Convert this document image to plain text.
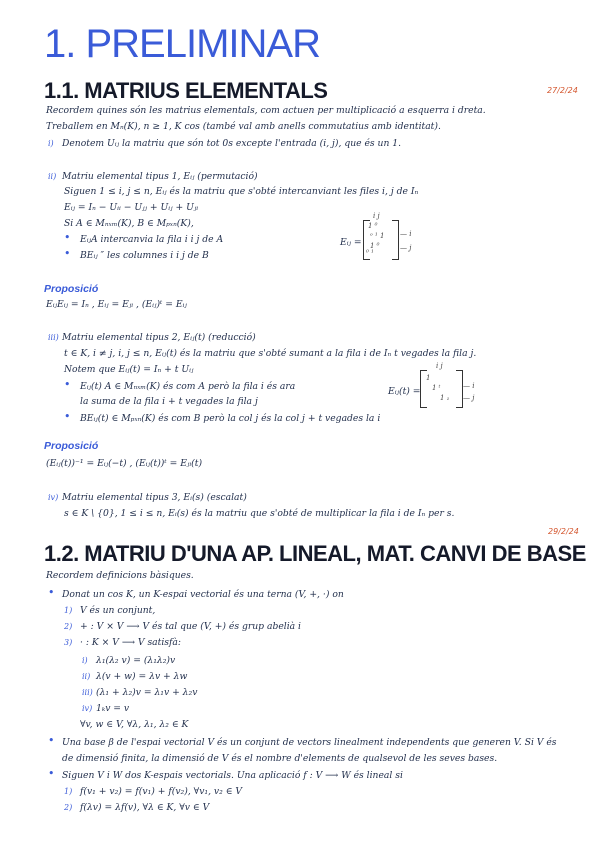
1. PRELIMINAR
1.1. MATRIUS ELEMENTALS	27/2/24
Recordem quines són les matrius elementals, com actuen per multiplicació a esquerra i dreta.
Treballem en Mₙ(K), n ≥ 1, K cos (també val amb anells commutatius amb identitat).
i) Denotem Uᵢⱼ la matriu que són tot 0s excepte l'entrada (i, j), que és un 1.
ii) Matriu elemental tipus 1, Eᵢⱼ (permutació)
Siguen 1 ≤ i, j ≤ n, Eᵢⱼ és la matriu que s'obté intercanviant les files i, j de Iₙ
Eᵢⱼ = Iₙ − Uᵢᵢ − Uⱼⱼ + Uᵢⱼ + Uⱼᵢ
Si A ∈ Mₙₓₘ(K), B ∈ Mₚₓₙ(K),
• EᵢⱼA intercanvia la fila i i j de A
• BEᵢⱼ ″ les columnes i i j de B
Eᵢⱼ =
1 ⁰
ᵒ ¹ 1
1 ⁰
⁰ ¹
— i
— j
i j
Proposició
EᵢⱼEᵢⱼ = Iₙ , Eᵢⱼ = Eⱼᵢ , (Eᵢⱼ)ᵗ = Eᵢⱼ
iii) Matriu elemental tipus 2, Eᵢⱼ(t) (reducció)
t ∈ K, i ≠ j, i, j ≤ n, Eᵢⱼ(t) és la matriu que s'obté sumant a la fila i de Iₙ t vegades la fila j.
Notem que Eᵢⱼ(t) = Iₙ + t Uᵢⱼ
• Eᵢⱼ(t) A ∈ Mₙₓₘ(K) és com A però la fila i és ara
la suma de la fila i + t vegades la fila j
• BEᵢⱼ(t) ∈ Mₚₓₙ(K) és com B però la col j és la col j + t vegades la i
Eᵢⱼ(t) =
1
1 ᵗ
1 ₁
— i
— j
i j
Proposició
(Eᵢⱼ(t))⁻¹ = Eᵢⱼ(−t) , (Eᵢⱼ(t))ᵗ = Eⱼᵢ(t)
iv) Matriu elemental tipus 3, Eᵢ(s) (escalat)
s ∈ K \ {0}, 1 ≤ i ≤ n, Eᵢ(s) és la matriu que s'obté de multiplicar la fila i de Iₙ per s.
29/2/24
1.2. MATRIU D'UNA AP. LINEAL, MAT. CANVI DE BASE
Recordem definicions bàsiques.
• Donat un cos K, un K-espai vectorial és una terna (V, +, ·) on
1) V és un conjunt,
2) + : V × V ⟶ V és tal que (V, +) és grup abelià i
3) · : K × V ⟶ V satisfà:
i) λ₁(λ₂ v) = (λ₁λ₂)v
ii) λ(v + w) = λv + λw
iii) (λ₁ + λ₂)v = λ₁v + λ₂v
iv) 1ₖv = v
∀v, w ∈ V, ∀λ, λ₁, λ₂ ∈ K
• Una base β de l'espai vectorial V és un conjunt de vectors linealment independents que generen V. Si V és
de dimensió finita, la dimensió de V és el nombre d'elements de qualsevol de les seves bases.
• Siguen V i W dos K-espais vectorials. Una aplicació f : V ⟶ W és lineal si
1) f(v₁ + v₂) = f(v₁) + f(v₂), ∀v₁, v₂ ∈ V
2) f(λv) = λf(v), ∀λ ∈ K, ∀v ∈ V
